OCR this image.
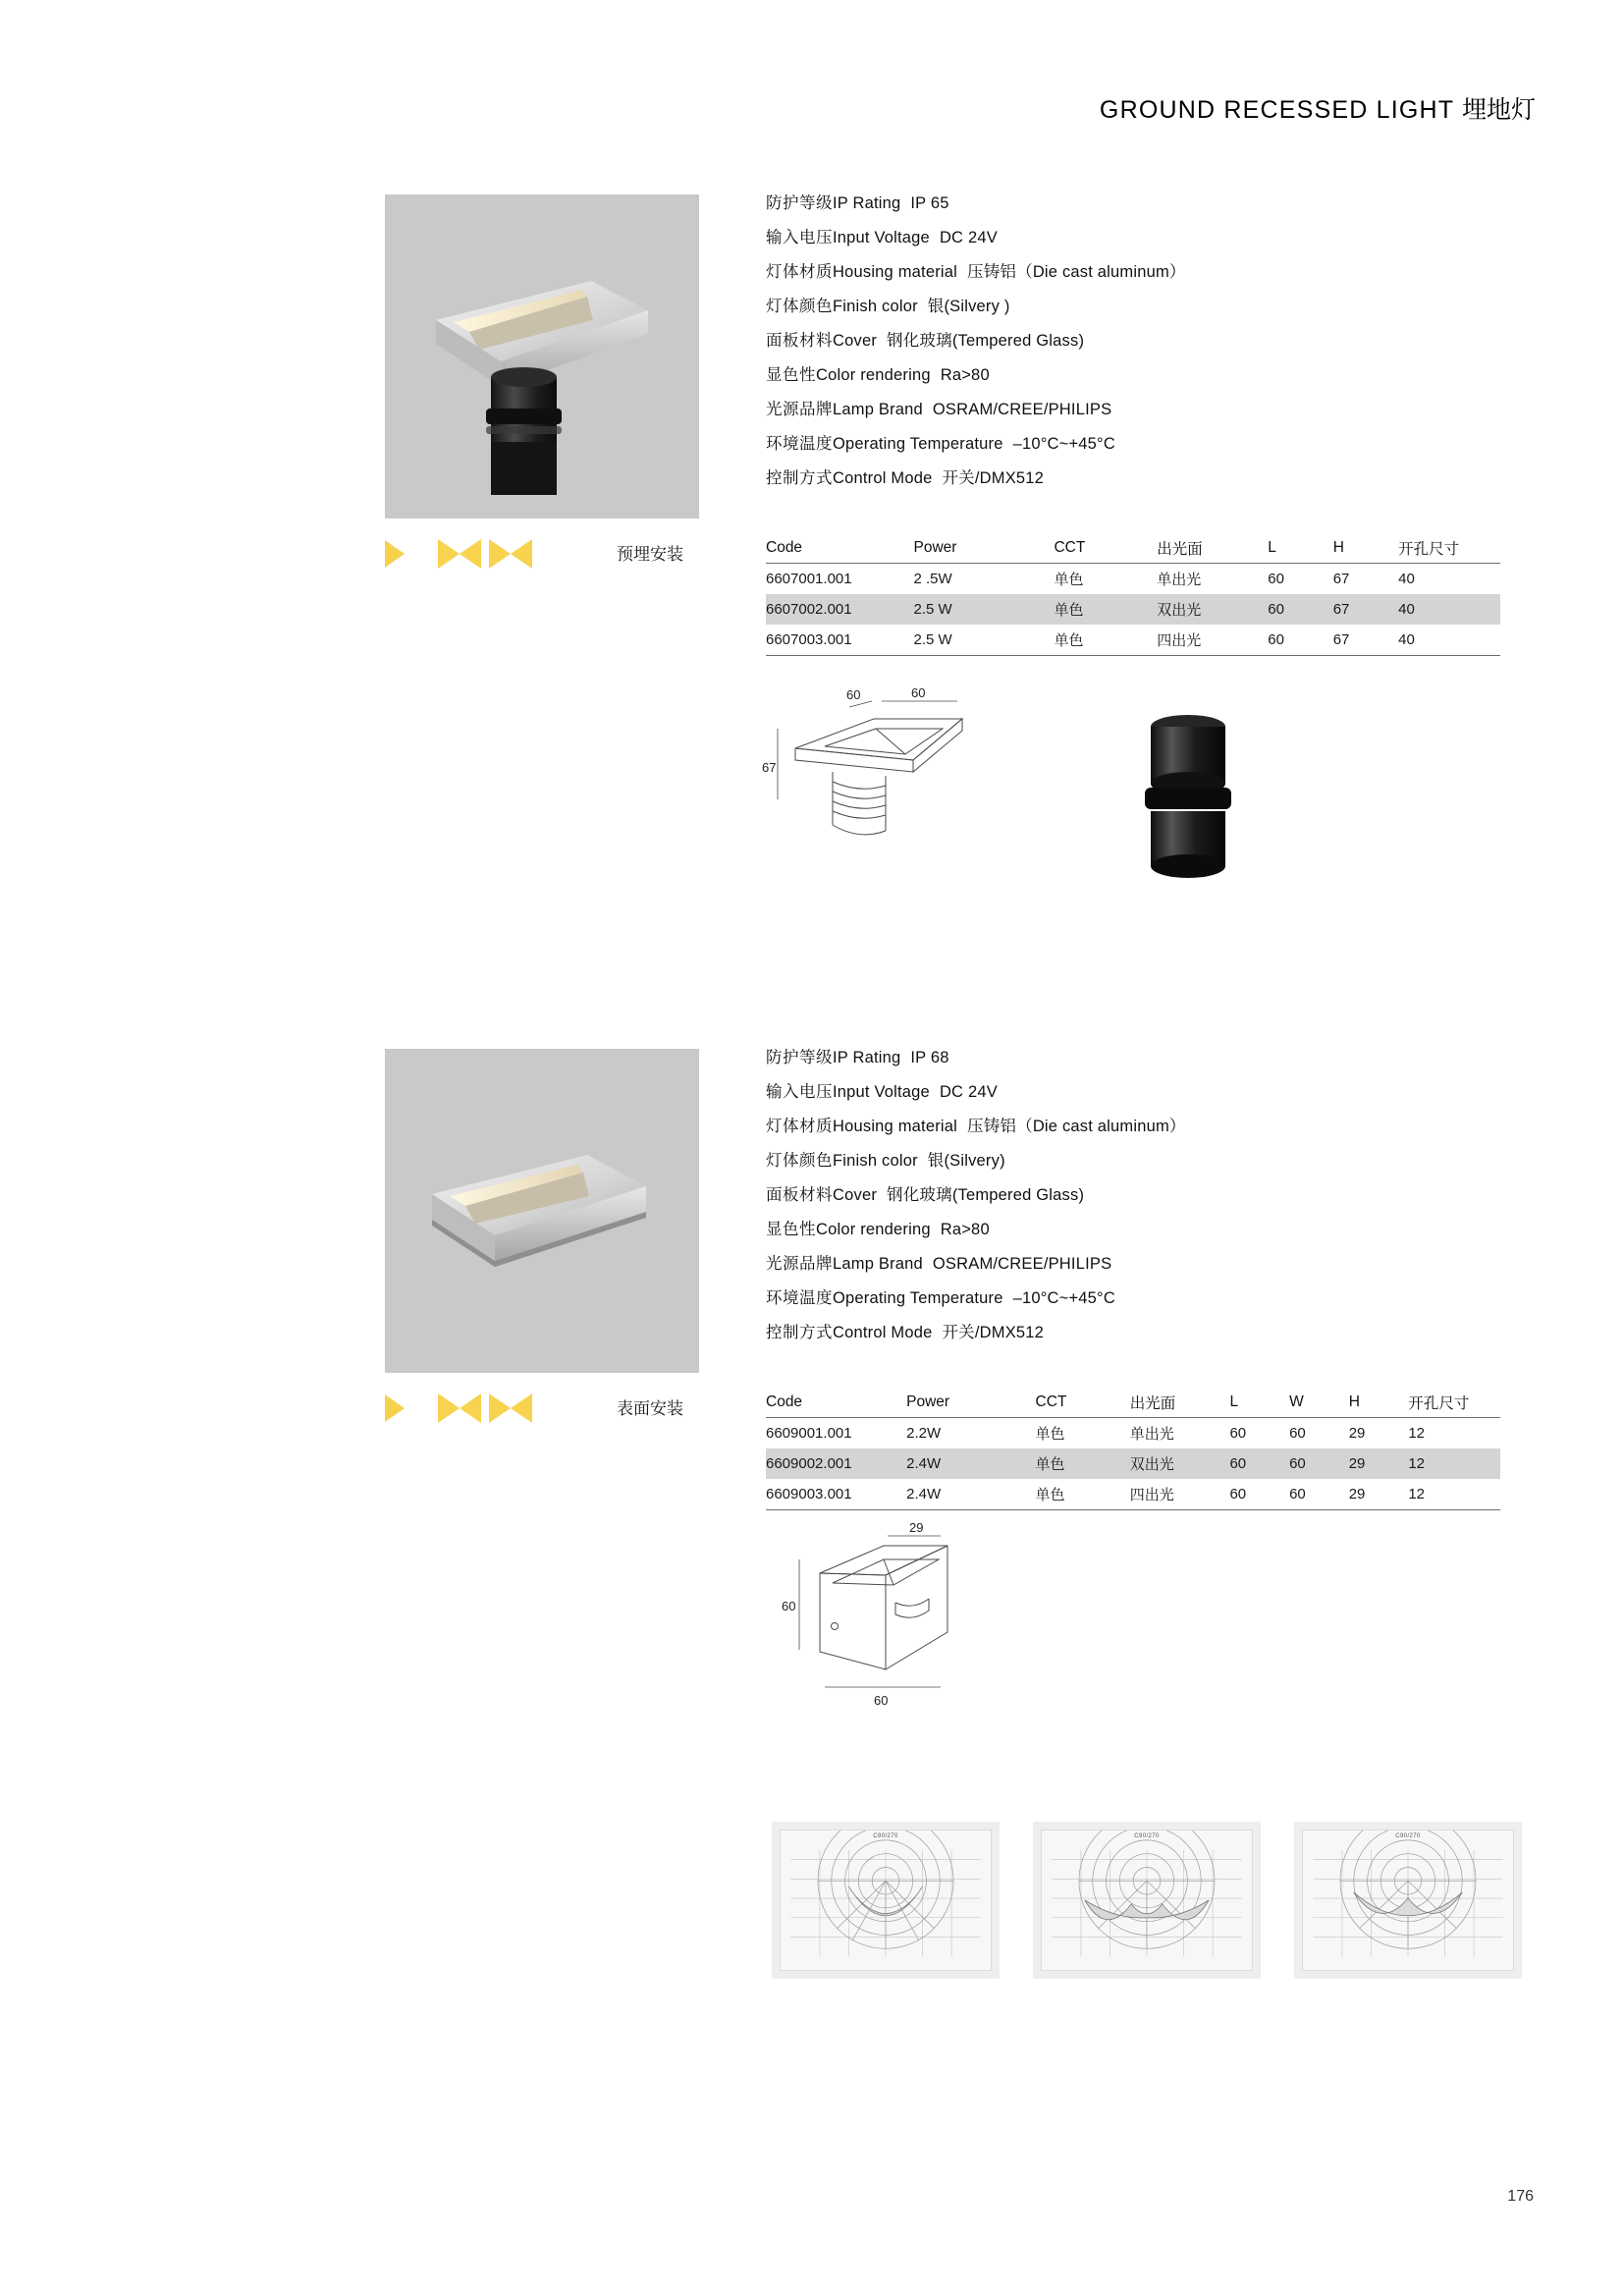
GROUND RECESSED LIGHT 埋地灯
预埋安装
防护等级IP Rating IP 65
输入电压Input Voltage DC 24V
灯体材质Housing material 压铸铝（Die cast aluminum）
灯体颜色Finish color 银(Silvery )
面板材料Cover 钢化玻璃(Tempered Glass)
显色性Color rendering Ra>80
光源品牌Lamp Brand OSRAM/CREE/PHILIPS
环境温度Operating Temperature –10°C~+45°C
控制方式Control Mode 开关/DMX512
Code	Power	CCT	出光面	L	H	开孔尺寸
6607001.001	2 .5W	单色	单出光	60	67	40
6607002.001	2.5 W	单色	双出光	60	67	40
6607003.001	2.5 W	单色	四出光	60	67	40
60	60
67
表面安装
防护等级IP Rating IP 68
输入电压Input Voltage DC 24V
灯体材质Housing material 压铸铝（Die cast aluminum）
灯体颜色Finish color 银(Silvery)
面板材料Cover 钢化玻璃(Tempered Glass)
显色性Color rendering Ra>80
光源品牌Lamp Brand OSRAM/CREE/PHILIPS
环境温度Operating Temperature –10°C~+45°C
控制方式Control Mode 开关/DMX512
Code	Power	CCT	出光面	L	W	H	开孔尺寸
6609001.001	2.2W	单色	单出光	60	60	29	12
6609002.001	2.4W	单色	双出光	60	60	29	12
6609003.001	2.4W	单色	四出光	60	60	29	12
29
60
60
C90/270	C90/270	C90/270
176
